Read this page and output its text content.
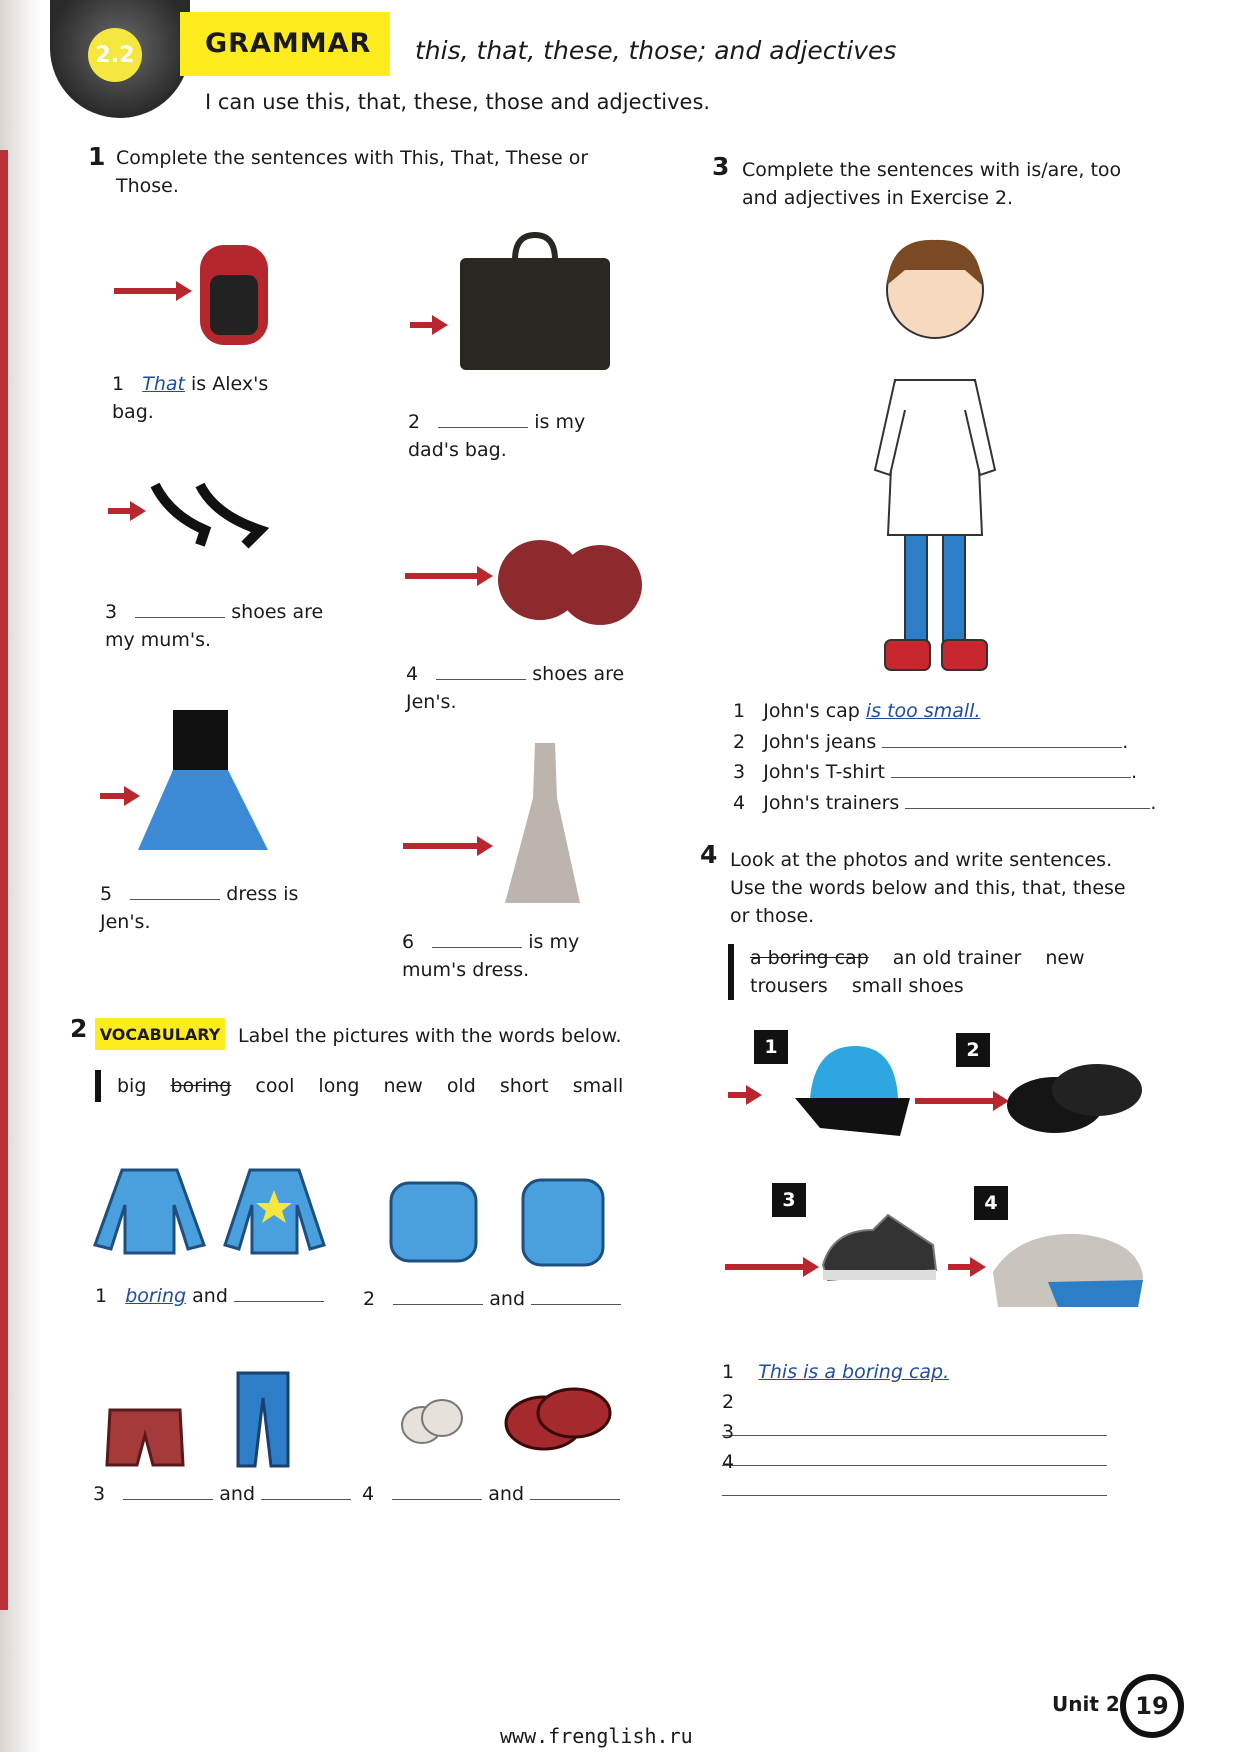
2.2	GRAMMAR this, that, these, those; and adjectives
I can use this, that, these, those and adjectives.
1 Complete the sentences with This, That, These or Those.
1 That is Alex's bag.	2	is my dad's bag.
3	shoes are my mum's.
4	shoes are Jen's.
5	dress is Jen's.
6	is my mum's dress.
2 VOCABULARY Label the pictures with the words below.
big boring cool long new old short small
1 boring and	2	and
3	and	4	and
3 Complete the sentences with is/are, too and adjectives in Exercise 2.
1 John's cap is too small.
2 John's jeans	.
3 John's T-shirt	.
4 John's trainers	.
4 Look at the photos and write sentences. Use the words below and this, that, these or those.
a boring cap an old trainer new trousers small shoes
1	2
3	4
1 This is a boring cap.
2
3
4
Unit 2 19
www.frenglish.ru
